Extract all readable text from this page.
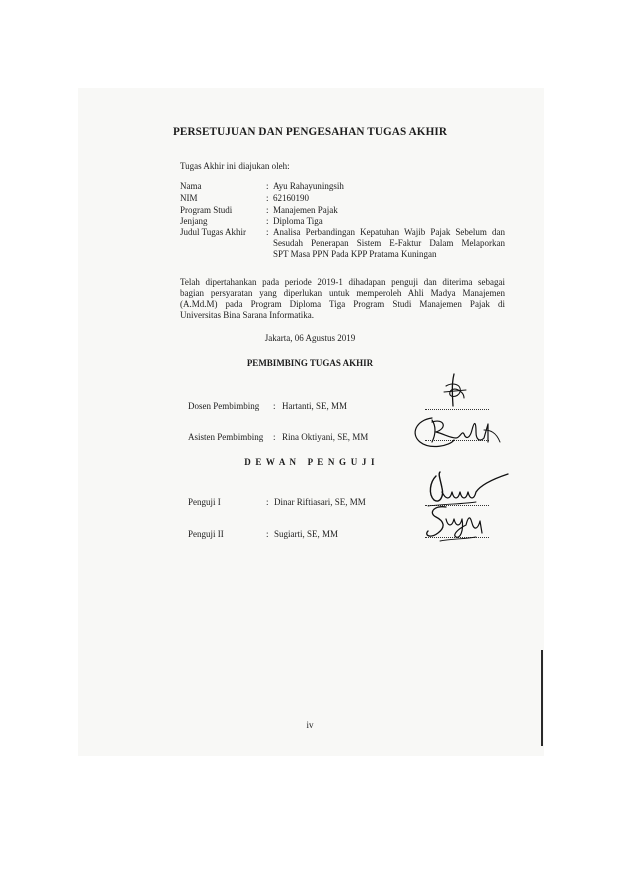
PERSETUJUAN DAN PENGESAHAN TUGAS AKHIR
Tugas Akhir ini diajukan oleh:
Nama
NIM
Program Studi
Jenjang
Judul Tugas Akhir
:
:
:
:
:
Ayu Rahayuningsih
62160190
Manajemen Pajak
Diploma Tiga
Analisa Perbandingan Kepatuhan Wajib Pajak Sebelum dan
Sesudah Penerapan Sistem E-Faktur Dalam Melaporkan
SPT Masa PPN Pada KPP Pratama Kuningan
Telah dipertahankan pada periode 2019-1 dihadapan penguji dan diterima sebagai
bagian persyaratan yang diperlukan untuk memperoleh Ahli Madya Manajemen
(A.Md.M) pada Program Diploma Tiga Program Studi Manajemen Pajak di
Universitas Bina Sarana Informatika.
Jakarta, 06 Agustus 2019
PEMBIMBING TUGAS AKHIR
Dosen Pembimbing : Hartanti, SE, MM
Asisten Pembimbing : Rina Oktiyani, SE, MM
D E W A N   P E N G U J I
Penguji I	: Dinar Riftiasari, SE, MM
Penguji II	: Sugiarti, SE, MM
iv
